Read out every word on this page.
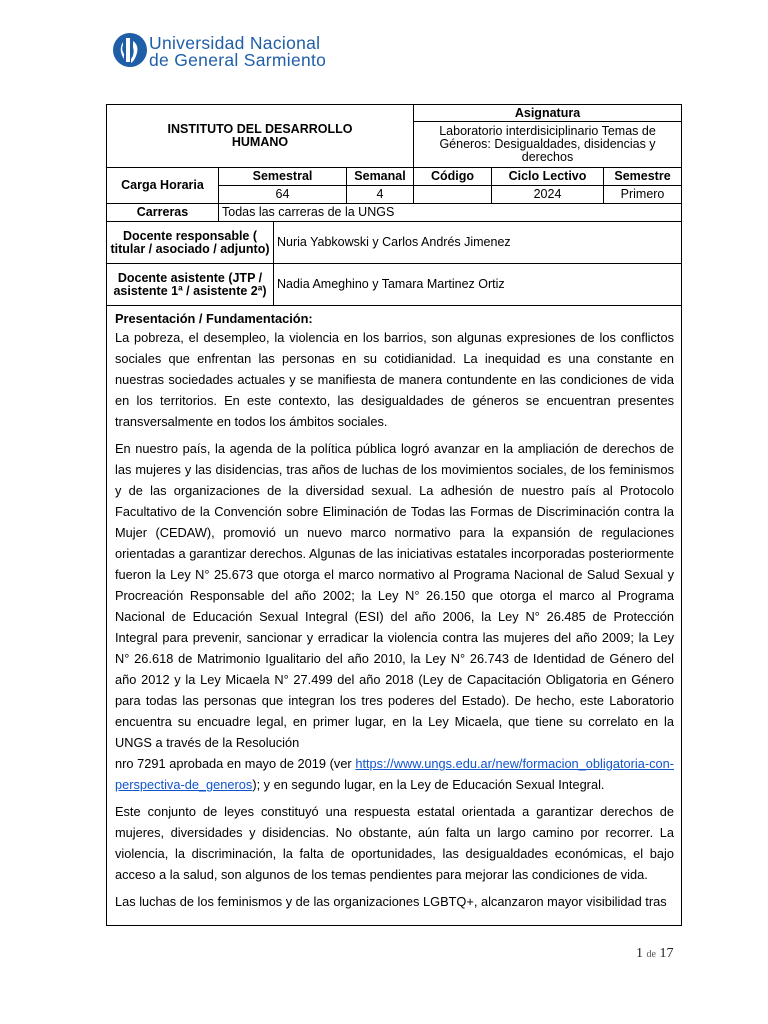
Universidad Nacional
de General Sarmiento
INSTITUTO DEL DESARROLLO HUMANO				Asignatura		
				Laboratorio interdisiciplinario Temas de Géneros: Desigualdades, disidencias y derechos		
Carga Horaria	Semestral		Semanal	Código	Ciclo Lectivo	Semestre
	64		4		2024	Primero
Carreras	Todas las carreras de la UNGS					
Docente responsable ( titular / asociado / adjunto)		Nuria Yabkowski y Carlos Andrés Jimenez				
Docente asistente (JTP / asistente 1ª / asistente 2ª)		Nadia Ameghino y Tamara Martinez Ortiz				
Presentación / Fundamentación:

La pobreza, el desempleo, la violencia en los barrios, son algunas expresiones de los conflictos sociales que enfrentan las personas en su cotidianidad. La inequidad es una constante en nuestras sociedades actuales y se manifiesta de manera contundente en las condiciones de vida en los territorios. En este contexto, las desigualdades de géneros se encuentran presentes transversalmente en todos los ámbitos sociales.

En nuestro país, la agenda de la política pública logró avanzar en la ampliación de derechos de las mujeres y las disidencias, tras años de luchas de los movimientos sociales, de los feminismos y de las organizaciones de la diversidad sexual. La adhesión de nuestro país al Protocolo Facultativo de la Convención sobre Eliminación de Todas las Formas de Discriminación contra la Mujer (CEDAW), promovió un nuevo marco normativo para la expansión de regulaciones orientadas a garantizar derechos. Algunas de las iniciativas estatales incorporadas posteriormente fueron la Ley N° 25.673 que otorga el marco normativo al Programa Nacional de Salud Sexual y Procreación Responsable del año 2002; la Ley N° 26.150 que otorga el marco al Programa Nacional de Educación Sexual Integral (ESI) del año 2006, la Ley N° 26.485 de Protección Integral para prevenir, sancionar y erradicar la violencia contra las mujeres del año 2009; la Ley N° 26.618 de Matrimonio Igualitario del año 2010, la Ley N° 26.743 de Identidad de Género del año 2012 y la Ley Micaela N° 27.499 del año 2018 (Ley de Capacitación Obligatoria en Género para todas las personas que integran los tres poderes del Estado). De hecho, este Laboratorio encuentra su encuadre legal, en primer lugar, en la Ley Micaela, que tiene su correlato en la UNGS a través de la Resolución

nro 7291 aprobada en mayo de 2019 (ver https://www.ungs.edu.ar/new/formacion_obligatoria-con-perspectiva-de_generos); y en segundo lugar, en la Ley de Educación Sexual Integral.

Este conjunto de leyes constituyó una respuesta estatal orientada a garantizar derechos de mujeres, diversidades y disidencias. No obstante, aún falta un largo camino por recorrer. La violencia, la discriminación, la falta de oportunidades, las desigualdades económicas, el bajo acceso a la salud, son algunos de los temas pendientes para mejorar las condiciones de vida.

Las luchas de los feminismos y de las organizaciones LGBTQ+, alcanzaron mayor visibilidad tras

1 de 17
